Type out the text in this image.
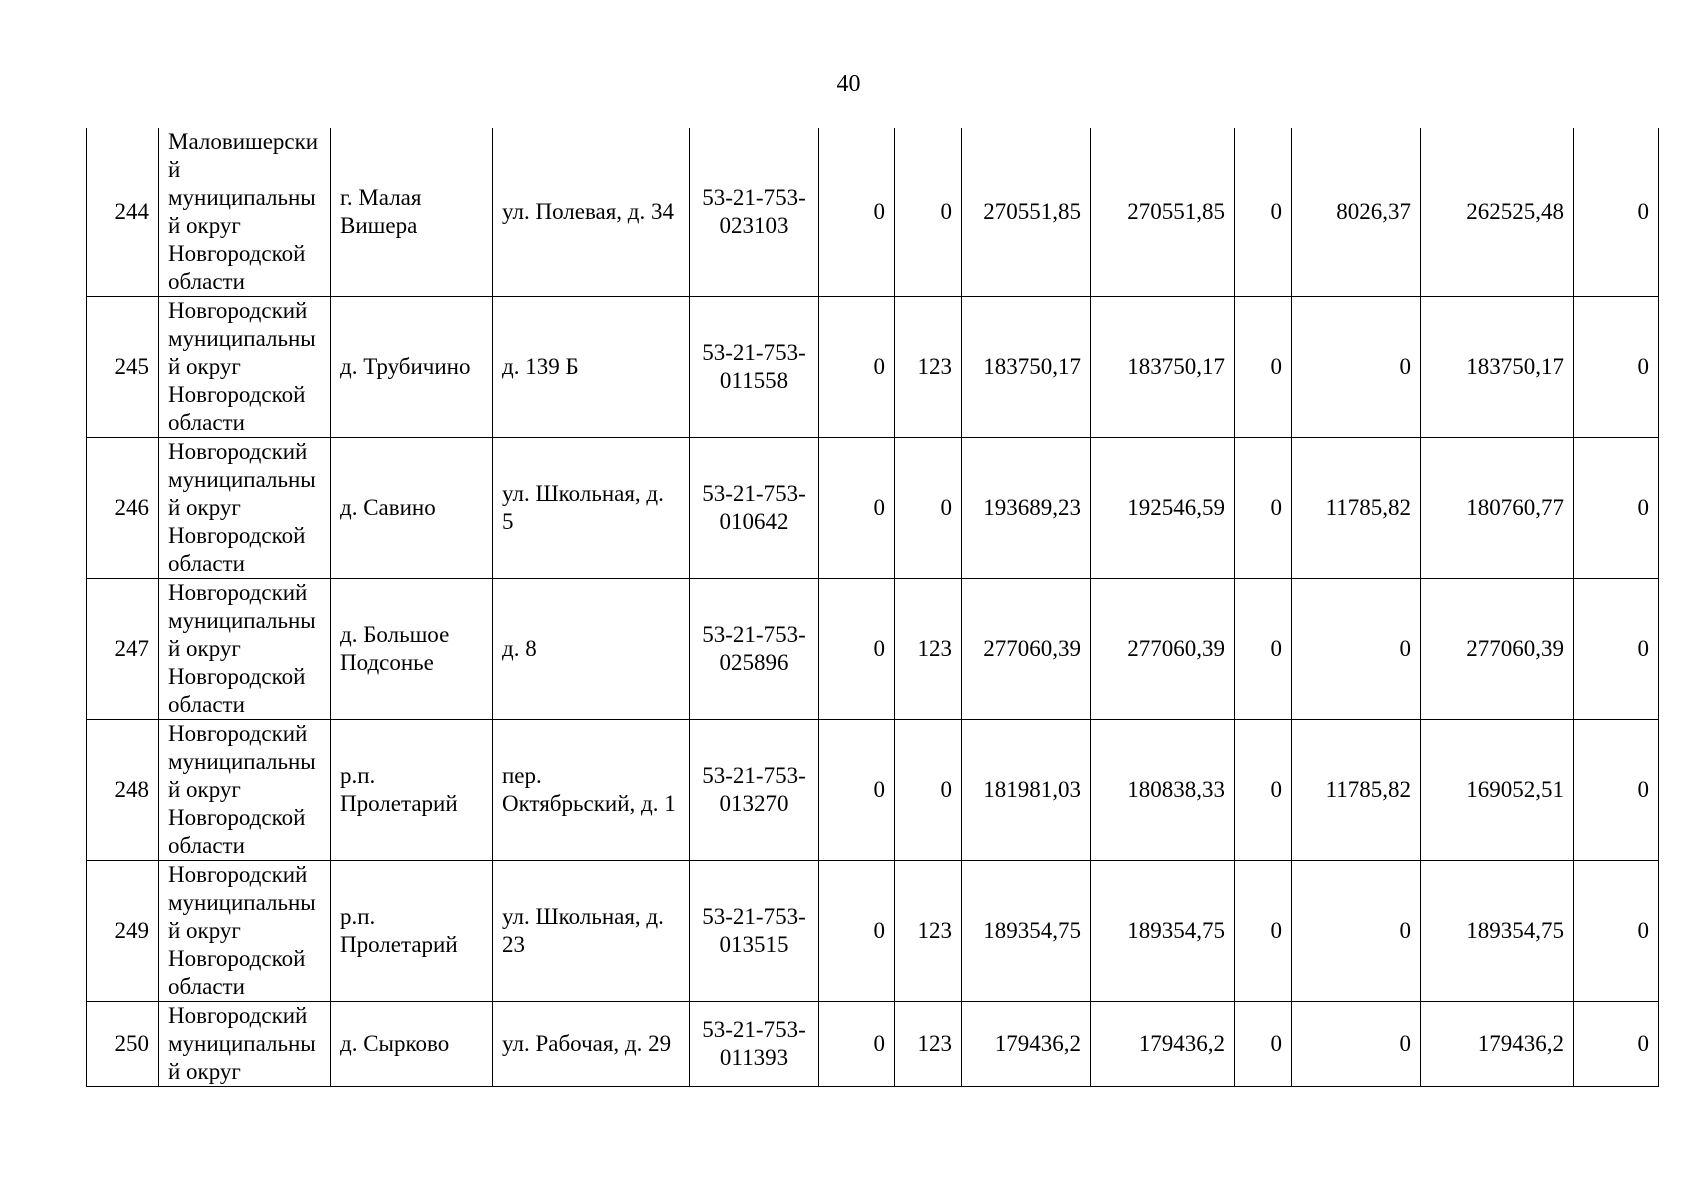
40
244	Маловишерский муниципальный округ Новгородской области	г. Малая Вишера	ул. Полевая, д. 34	53-21-753-023103	0	0	270551,85	270551,85	0	8026,37	262525,48	0
245	Новгородский муниципальный округ Новгородской области	д. Трубичино	д. 139 Б	53-21-753-011558	0	123	183750,17	183750,17	0	0	183750,17	0
246	Новгородский муниципальный округ Новгородской области	д. Савино	ул. Школьная, д. 5	53-21-753-010642	0	0	193689,23	192546,59	0	11785,82	180760,77	0
247	Новгородский муниципальный округ Новгородской области	д. Большое Подсонье	д. 8	53-21-753-025896	0	123	277060,39	277060,39	0	0	277060,39	0
248	Новгородский муниципальный округ Новгородской области	р.п. Пролетарий	пер. Октябрьский, д. 1	53-21-753-013270	0	0	181981,03	180838,33	0	11785,82	169052,51	0
249	Новгородский муниципальный округ Новгородской области	р.п. Пролетарий	ул. Школьная, д. 23	53-21-753-013515	0	123	189354,75	189354,75	0	0	189354,75	0
250	Новгородский муниципальный округ	д. Сырково	ул. Рабочая, д. 29	53-21-753-011393	0	123	179436,2	179436,2	0	0	179436,2	0
